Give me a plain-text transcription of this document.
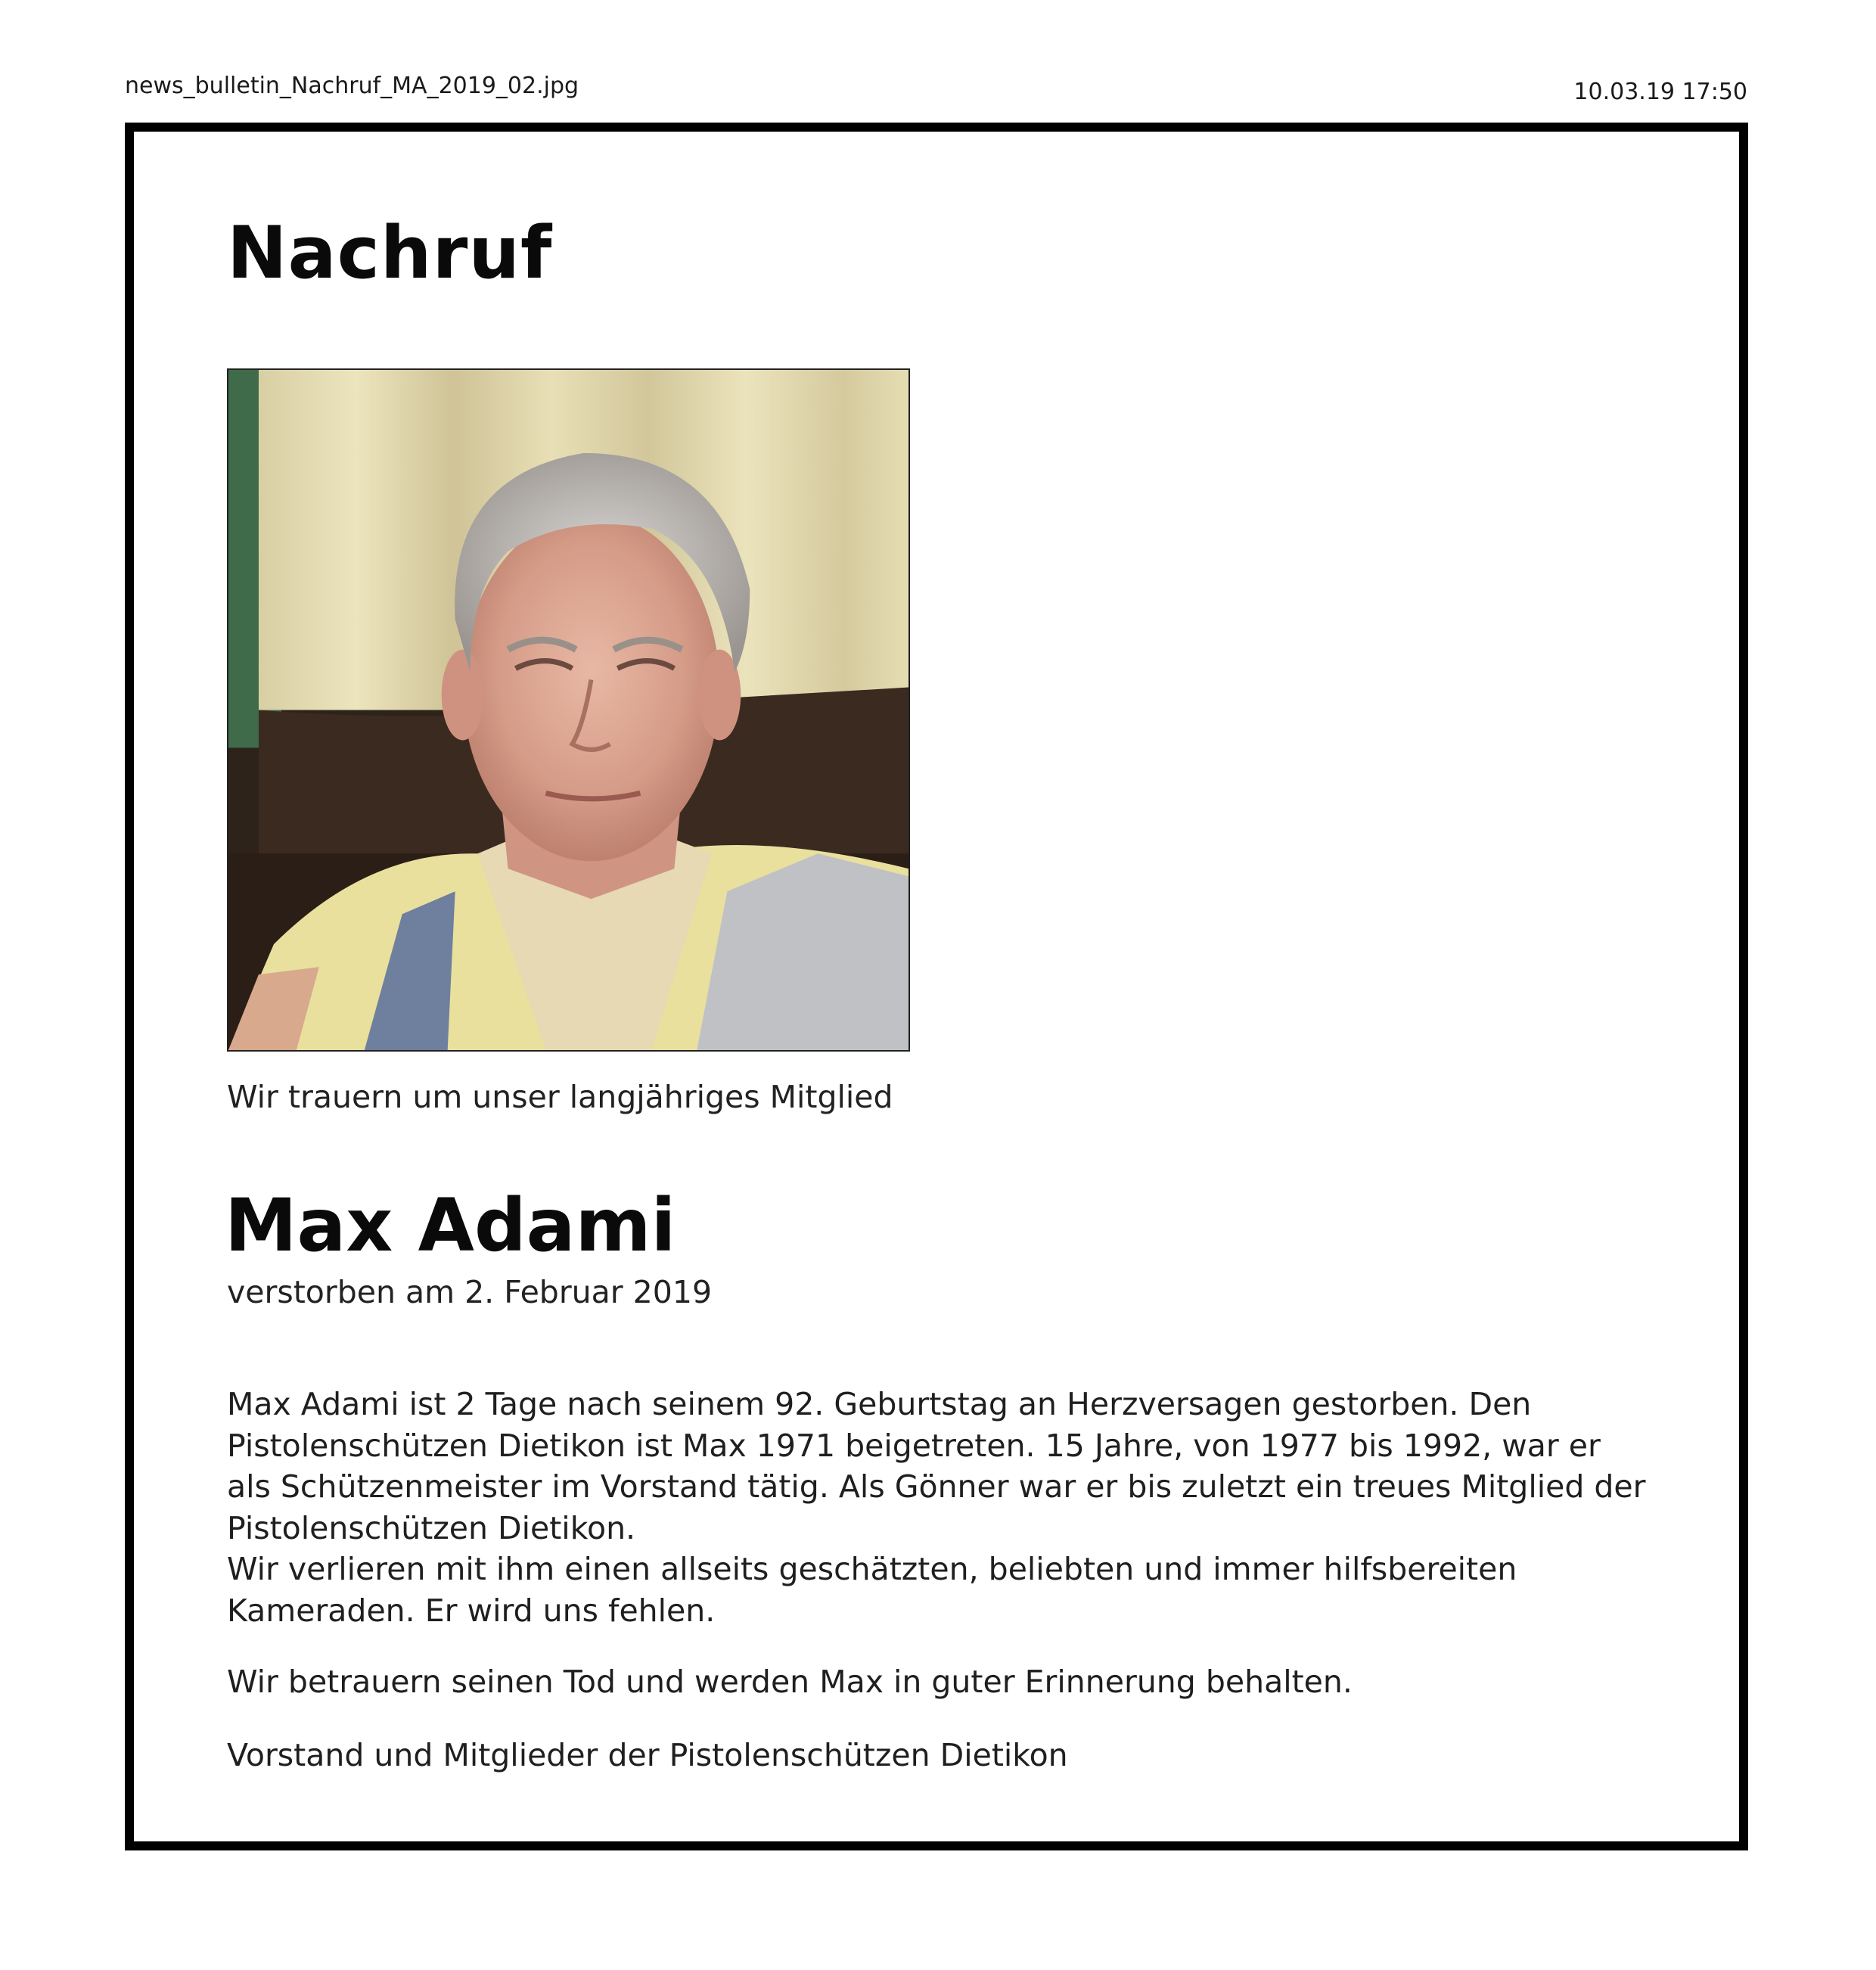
news_bulletin_Nachruf_MA_2019_02.jpg	10.03.19 17:50
Nachruf
Wir trauern um unser langjähriges Mitglied
Max Adami
verstorben am 2. Februar 2019

Max Adami ist 2 Tage nach seinem 92. Geburtstag an Herzversagen gestorben. Den

Pistolenschützen Dietikon ist Max 1971 beigetreten. 15 Jahre, von 1977 bis 1992, war er

als Schützenmeister im Vorstand tätig. Als Gönner war er bis zuletzt ein treues Mitglied der

Pistolenschützen Dietikon.

Wir verlieren mit ihm einen allseits geschätzten, beliebten und immer hilfsbereiten

Kameraden. Er wird uns fehlen.

Wir betrauern seinen Tod und werden Max in guter Erinnerung behalten.

Vorstand und Mitglieder der Pistolenschützen Dietikon
